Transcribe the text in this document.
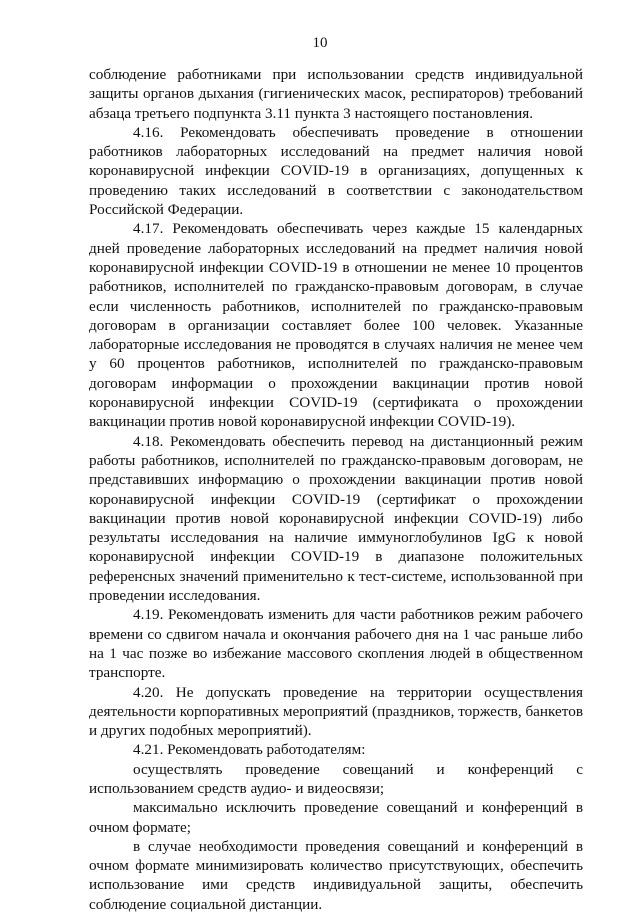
10

соблюдение работниками при использовании средств индивидуальной защиты органов дыхания (гигиенических масок, респираторов) требований абзаца третьего подпункта 3.11 пункта 3 настоящего постановления.

4.16. Рекомендовать обеспечивать проведение в отношении работников лабораторных исследований на предмет наличия новой коронавирусной инфекции COVID-19 в организациях, допущенных к проведению таких исследований в соответствии с законодательством Российской Федерации.

4.17. Рекомендовать обеспечивать через каждые 15 календарных дней проведение лабораторных исследований на предмет наличия новой коронавирусной инфекции COVID-19 в отношении не менее 10 процентов работников, исполнителей по гражданско-правовым договорам, в случае если численность работников, исполнителей по гражданско-правовым договорам в организации составляет более 100 человек. Указанные лабораторные исследования не проводятся в случаях наличия не менее чем у 60 процентов работников, исполнителей по гражданско-правовым договорам информации о прохождении вакцинации против новой коронавирусной инфекции COVID-19 (сертификата о прохождении вакцинации против новой коронавирусной инфекции COVID-19).

4.18. Рекомендовать обеспечить перевод на дистанционный режим работы работников, исполнителей по гражданско-правовым договорам, не представивших информацию о прохождении вакцинации против новой коронавирусной инфекции COVID-19 (сертификат о прохождении вакцинации против новой коронавирусной инфекции COVID-19) либо результаты исследования на наличие иммуноглобулинов IgG к новой коронавирусной инфекции COVID-19 в диапазоне положительных референсных значений применительно к тест-системе, использованной при проведении исследования.

4.19. Рекомендовать изменить для части работников режим рабочего времени со сдвигом начала и окончания рабочего дня на 1 час раньше либо на 1 час позже во избежание массового скопления людей в общественном транспорте.

4.20. Не допускать проведение на территории осуществления деятельности корпоративных мероприятий (праздников, торжеств, банкетов и других подобных мероприятий).

4.21. Рекомендовать работодателям:

осуществлять проведение совещаний и конференций с использованием средств аудио- и видеосвязи;

максимально исключить проведение совещаний и конференций в очном формате;

в случае необходимости проведения совещаний и конференций в очном формате минимизировать количество присутствующих, обеспечить использование ими средств индивидуальной защиты, обеспечить соблюдение социальной дистанции.
